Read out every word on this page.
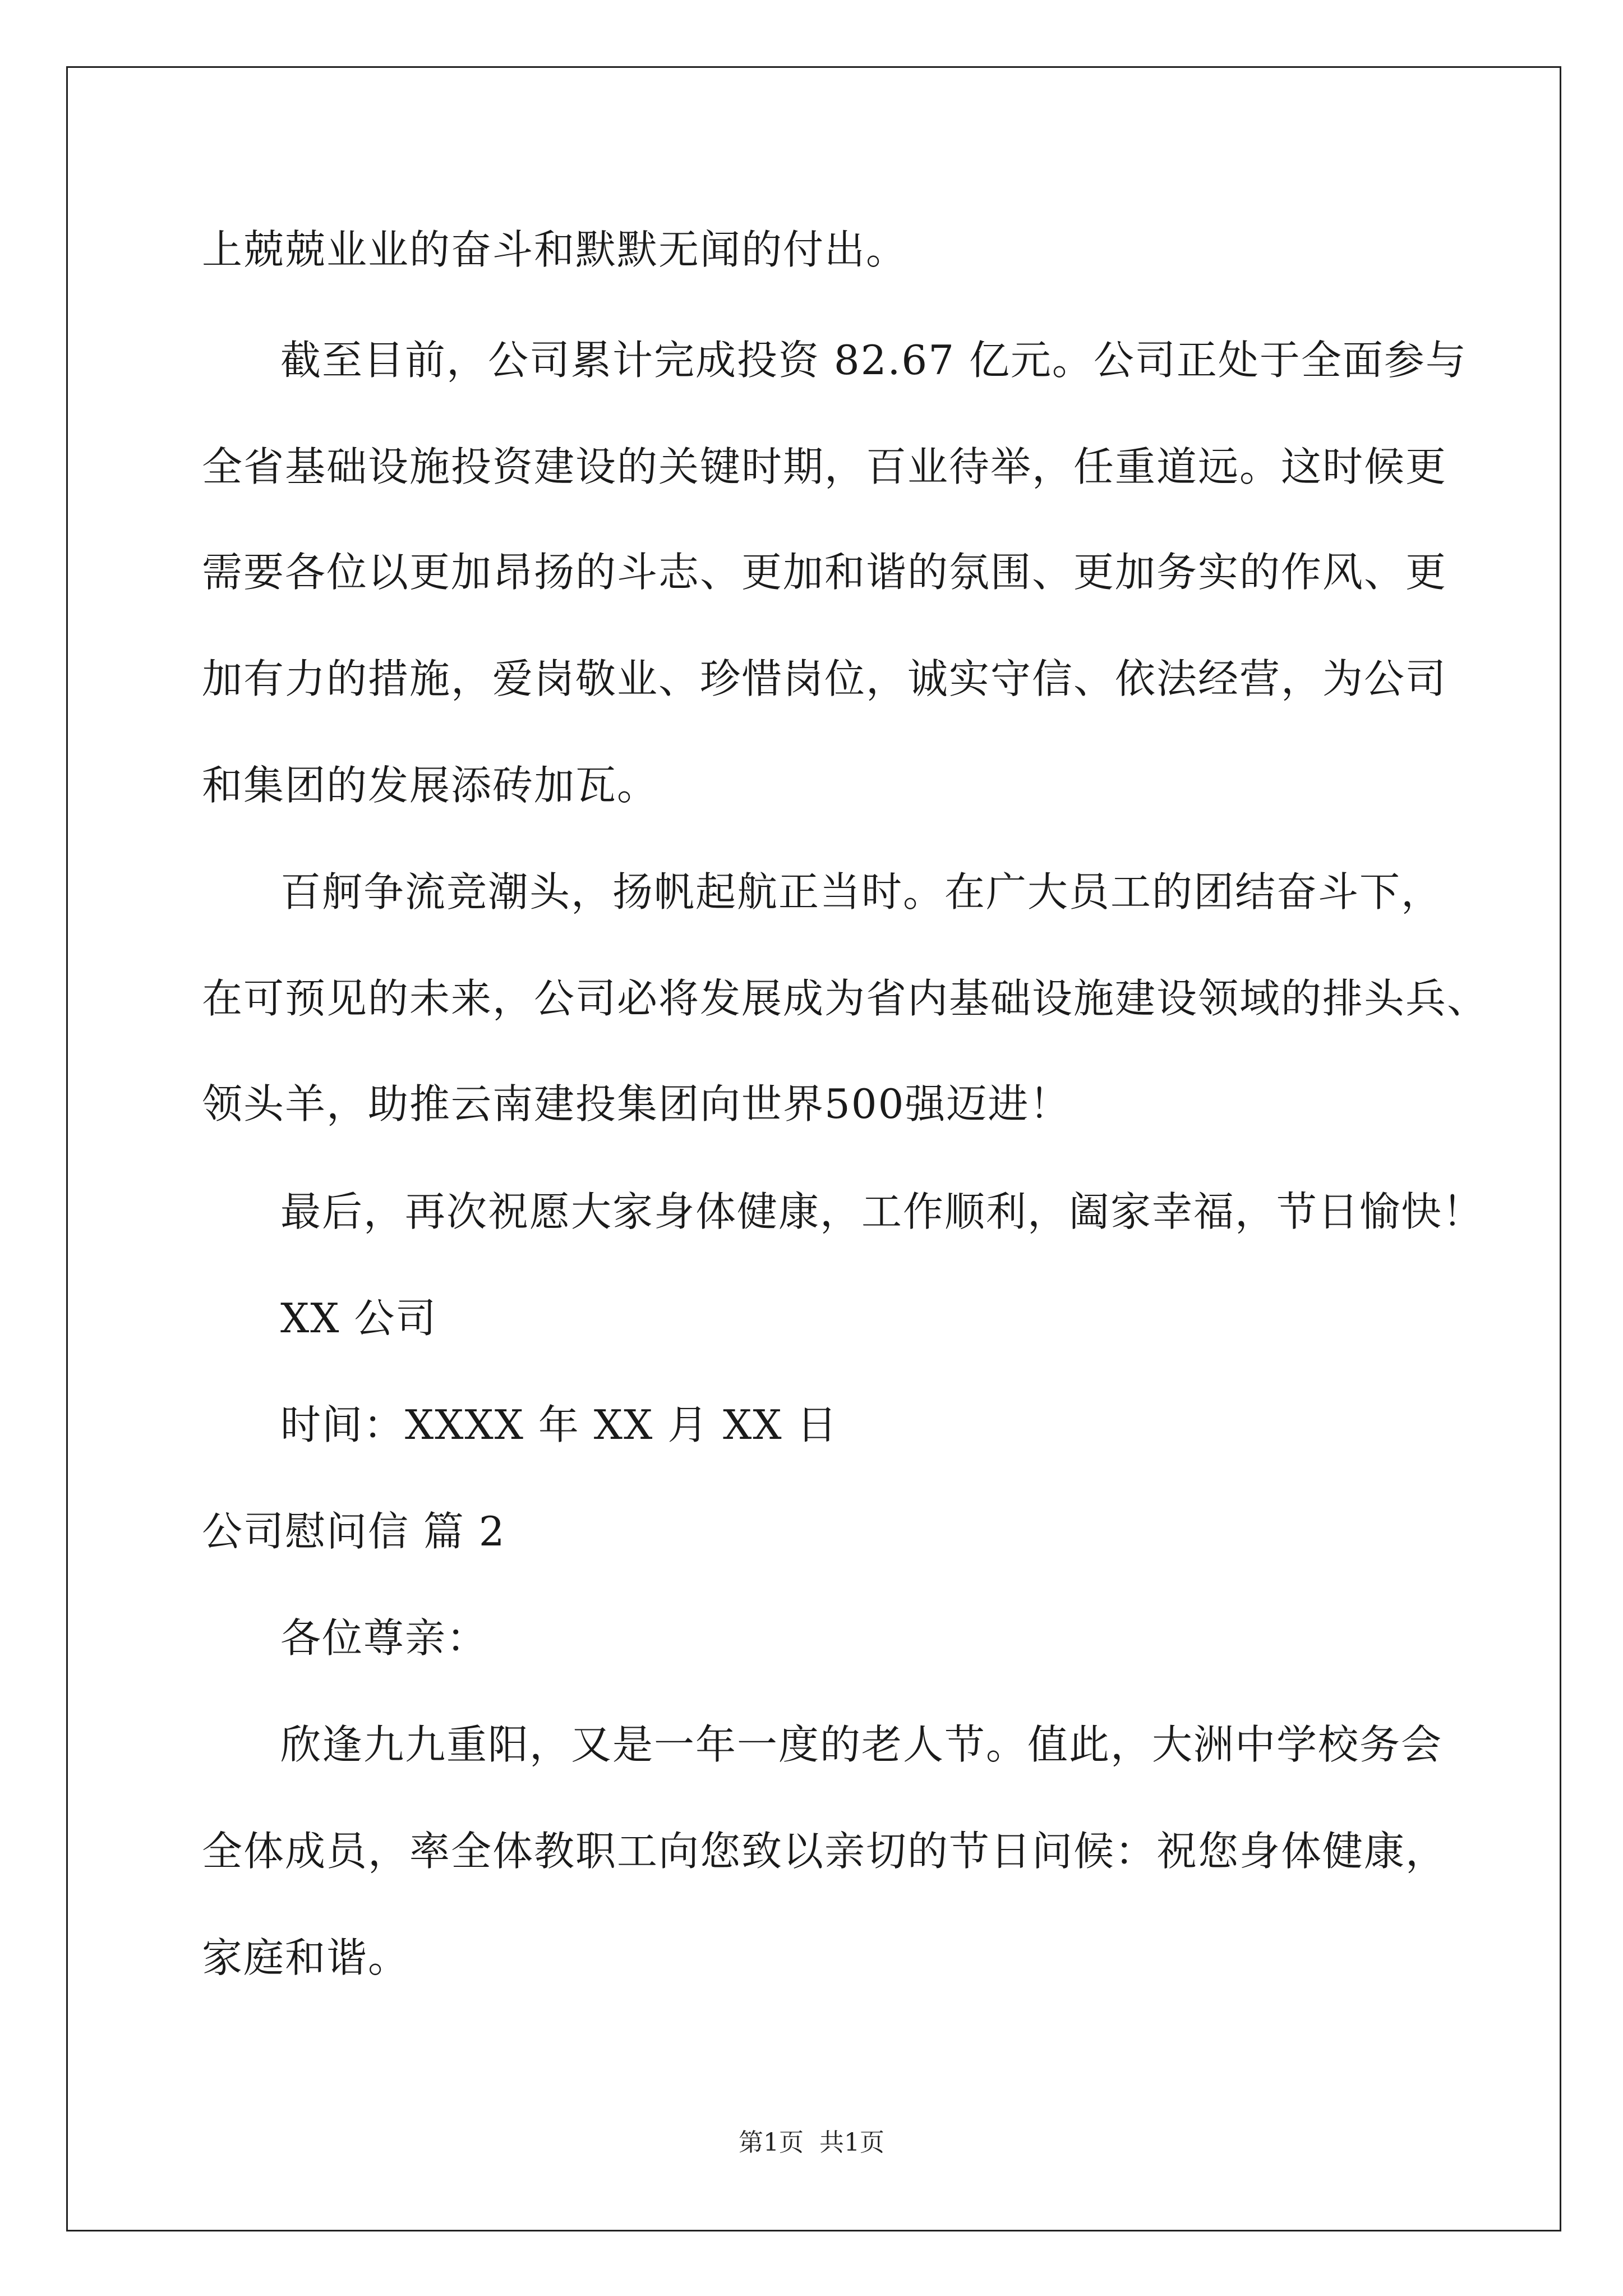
上兢兢业业的奋斗和默默无闻的付出。
截至目前，公司累计完成投资 82.67 亿元。公司正处于全面参与
全省基础设施投资建设的关键时期，百业待举，任重道远。这时候更
需要各位以更加昂扬的斗志、更加和谐的氛围、更加务实的作风、更
加有力的措施，爱岗敬业、珍惜岗位，诚实守信、依法经营，为公司
和集团的发展添砖加瓦。
百舸争流竞潮头，扬帆起航正当时。在广大员工的团结奋斗下，
在可预见的未来，公司必将发展成为省内基础设施建设领域的排头兵、
领头羊，助推云南建投集团向世界500强迈进！
最后，再次祝愿大家身体健康，工作顺利，阖家幸福，节日愉快！
XX 公司
时间：XXXX 年 XX 月 XX 日
公司慰问信 篇 2
各位尊亲：
欣逢九九重阳，又是一年一度的老人节。值此，大洲中学校务会
全体成员，率全体教职工向您致以亲切的节日问候：祝您身体健康，
家庭和谐。
第1页 共1页
